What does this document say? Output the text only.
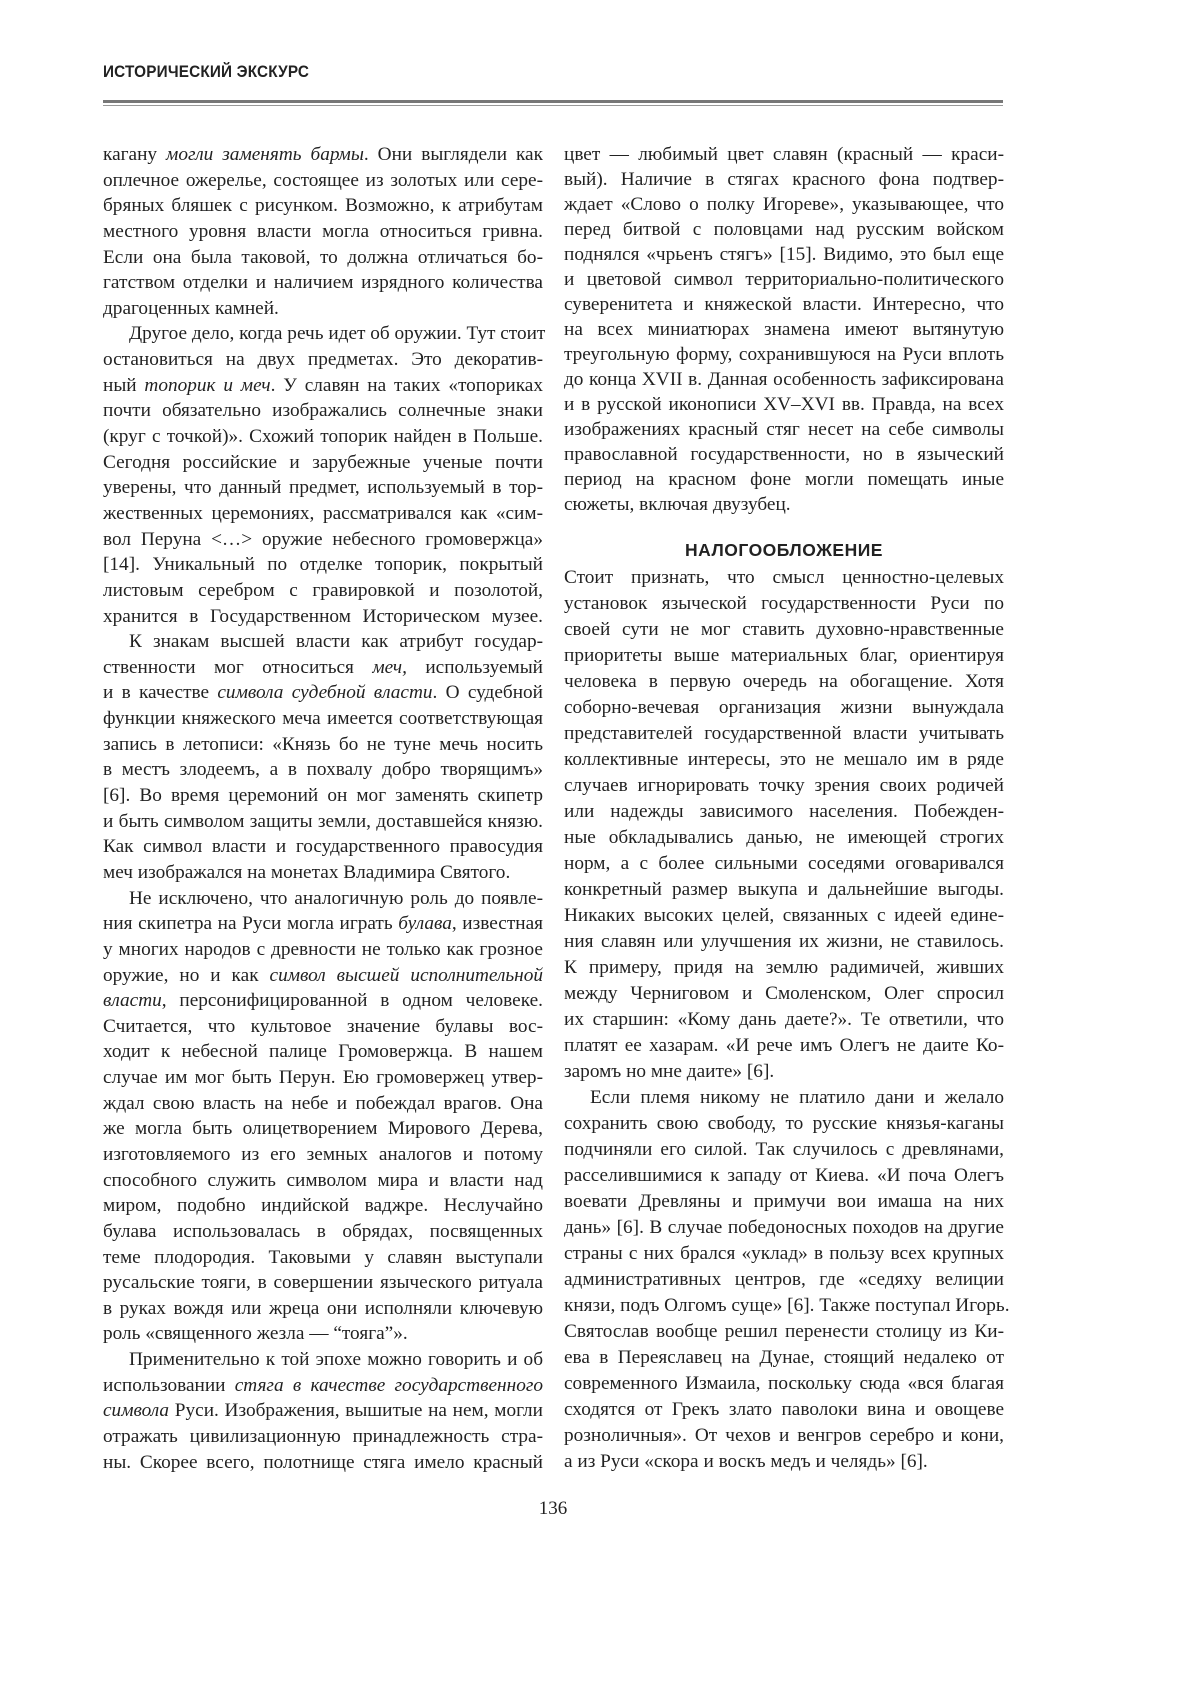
ИСТОРИЧЕСКИЙ ЭКСКУРС
кагану могли заменять бармы. Они выглядели как
оплечное ожерелье, состоящее из золотых или сере-
бряных бляшек с рисунком. Возможно, к атрибутам
местного уровня власти могла относиться гривна.
Если она была таковой, то должна отличаться бо-
гатством отделки и наличием изрядного количества
драгоценных камней.
Другое дело, когда речь идет об оружии. Тут стоит
остановиться на двух предметах. Это декоратив-
ный топорик и меч. У славян на таких «топориках
почти обязательно изображались солнечные знаки
(круг с точкой)». Схожий топорик найден в Польше.
Сегодня российские и зарубежные ученые почти
уверены, что данный предмет, используемый в тор-
жественных церемониях, рассматривался как «сим-
вол Перуна <…> оружие небесного громовержца»
[14]. Уникальный по отделке топорик, покрытый
листовым серебром с гравировкой и позолотой,
хранится в Государственном Историческом музее.
К знакам высшей власти как атрибут государ-
ственности мог относиться меч, используемый
и в качестве символа судебной власти. О судебной
функции княжеского меча имеется соответствующая
запись в летописи: «Князь бо не туне мечь носить
в местъ злодеемъ, а в похвалу добро творящимъ»
[6]. Во время церемоний он мог заменять скипетр
и быть символом защиты земли, доставшейся князю.
Как символ власти и государственного правосудия
меч изображался на монетах Владимира Святого.
Не исключено, что аналогичную роль до появле-
ния скипетра на Руси могла играть булава, известная
у многих народов с древности не только как грозное
оружие, но и как символ высшей исполнительной
власти, персонифицированной в одном человеке.
Считается, что культовое значение булавы вос-
ходит к небесной палице Громовержца. В нашем
случае им мог быть Перун. Ею громовержец утвер-
ждал свою власть на небе и побеждал врагов. Она
же могла быть олицетворением Мирового Дерева,
изготовляемого из его земных аналогов и потому
способного служить символом мира и власти над
миром, подобно индийской ваджре. Неслучайно
булава использовалась в обрядах, посвященных
теме плодородия. Таковыми у славян выступали
русальские тояги, в совершении языческого ритуала
в руках вождя или жреца они исполняли ключевую
роль «священного жезла — “тояга”».
Применительно к той эпохе можно говорить и об
использовании стяга в качестве государственного
символа Руси. Изображения, вышитые на нем, могли
отражать цивилизационную принадлежность стра-
ны. Скорее всего, полотнище стяга имело красный
цвет — любимый цвет славян (красный — краси-
вый). Наличие в стягах красного фона подтвер-
ждает «Слово о полку Игореве», указывающее, что
перед битвой с половцами над русским войском
поднялся «чрьенъ стягъ» [15]. Видимо, это был еще
и цветовой символ территориально-политического
суверенитета и княжеской власти. Интересно, что
на всех миниатюрах знамена имеют вытянутую
треугольную форму, сохранившуюся на Руси вплоть
до конца XVII в. Данная особенность зафиксирована
и в русской иконописи XV–XVI вв. Правда, на всех
изображениях красный стяг несет на себе символы
православной государственности, но в языческий
период на красном фоне могли помещать иные
сюжеты, включая двузубец.
НАЛОГООБЛОЖЕНИЕ
Стоит признать, что смысл ценностно-целевых
установок языческой государственности Руси по
своей сути не мог ставить духовно-нравственные
приоритеты выше материальных благ, ориентируя
человека в первую очередь на обогащение. Хотя
соборно-вечевая организация жизни вынуждала
представителей государственной власти учитывать
коллективные интересы, это не мешало им в ряде
случаев игнорировать точку зрения своих родичей
или надежды зависимого населения. Побежден-
ные обкладывались данью, не имеющей строгих
норм, а с более сильными соседями оговаривался
конкретный размер выкупа и дальнейшие выгоды.
Никаких высоких целей, связанных с идеей едине-
ния славян или улучшения их жизни, не ставилось.
К примеру, придя на землю радимичей, живших
между Черниговом и Смоленском, Олег спросил
их старшин: «Кому дань даете?». Те ответили, что
платят ее хазарам. «И рече имъ Олегъ не даите Ко-
заромъ но мне даите» [6].
Если племя никому не платило дани и желало
сохранить свою свободу, то русские князья-каганы
подчиняли его силой. Так случилось с древлянами,
расселившимися к западу от Киева. «И поча Олегъ
воевати Древляны и примучи вои имаша на них
дань» [6]. В случае победоносных походов на другие
страны с них брался «уклад» в пользу всех крупных
административных центров, где «седяху велиции
князи, подъ Олгомъ суще» [6]. Также поступал Игорь.
Святослав вообще решил перенести столицу из Ки-
ева в Переяславец на Дунае, стоящий недалеко от
современного Измаила, поскольку сюда «вся благая
сходятся от Грекъ злато паволоки вина и овощеве
розноличныя». От чехов и венгров серебро и кони,
а из Руси «скора и воскъ медъ и челядь» [6].
136
